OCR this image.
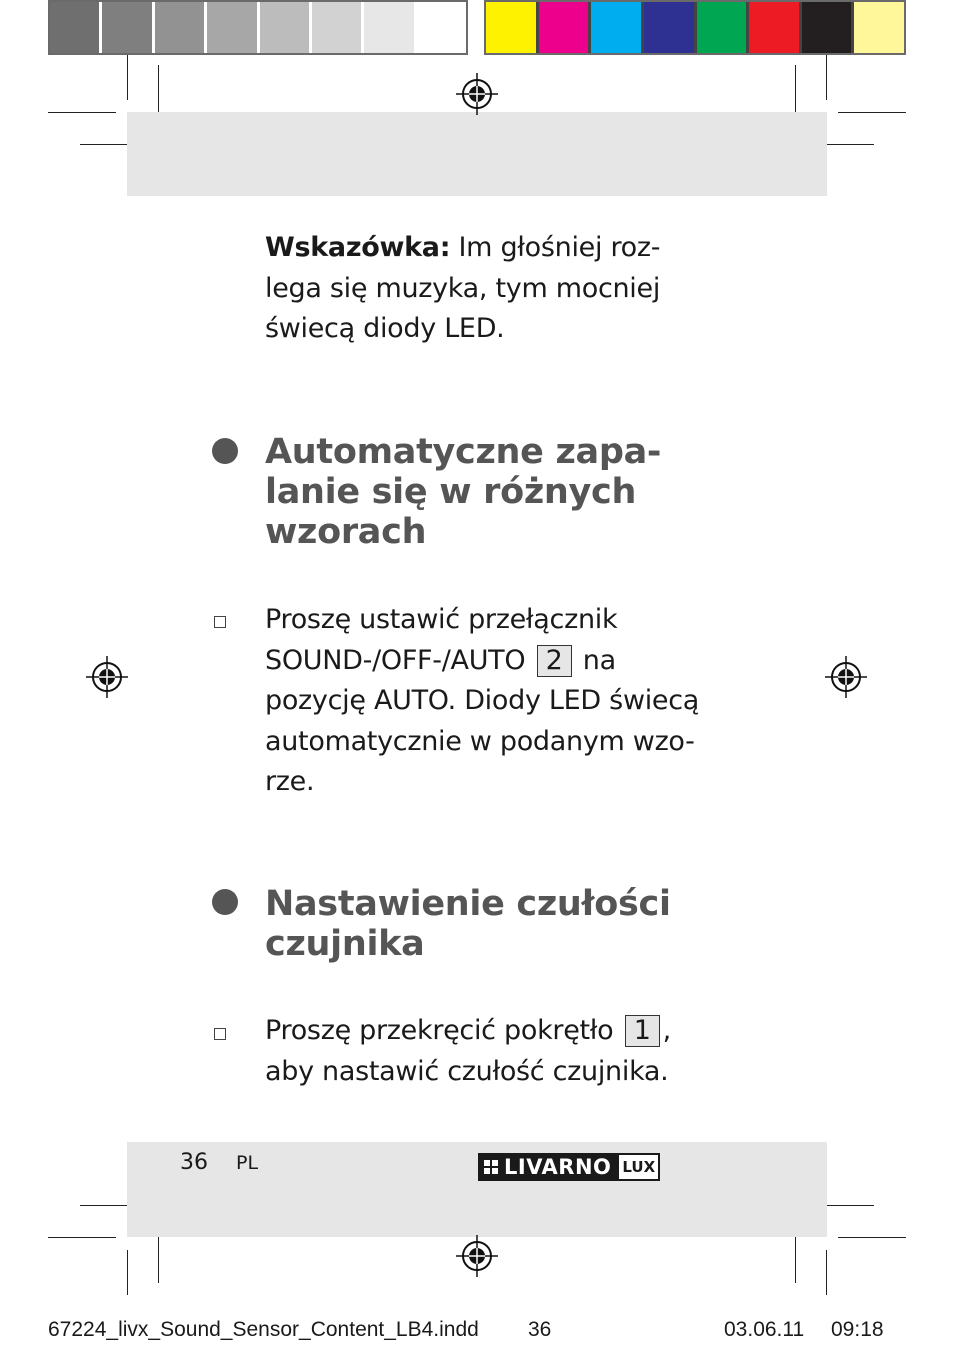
Wskazówka: Im głośniej roz-
lega się muzyka, tym mocniej
świecą diody LED.
Automatyczne zapa-
lanie się w różnych
wzorach
Proszę ustawić przełącznik
SOUND-/OFF-/AUTO 2 na
pozycję AUTO. Diody LED świecą
automatycznie w podanym wzo-
rze.
Nastawienie czułości
czujnika
Proszę przekręcić pokrętło 1 ,
aby nastawić czułość czujnika.
36 PL	LIVARNO LUX
67224_livx_Sound_Sensor_Content_LB4.indd 36	03.06.11 09:18
